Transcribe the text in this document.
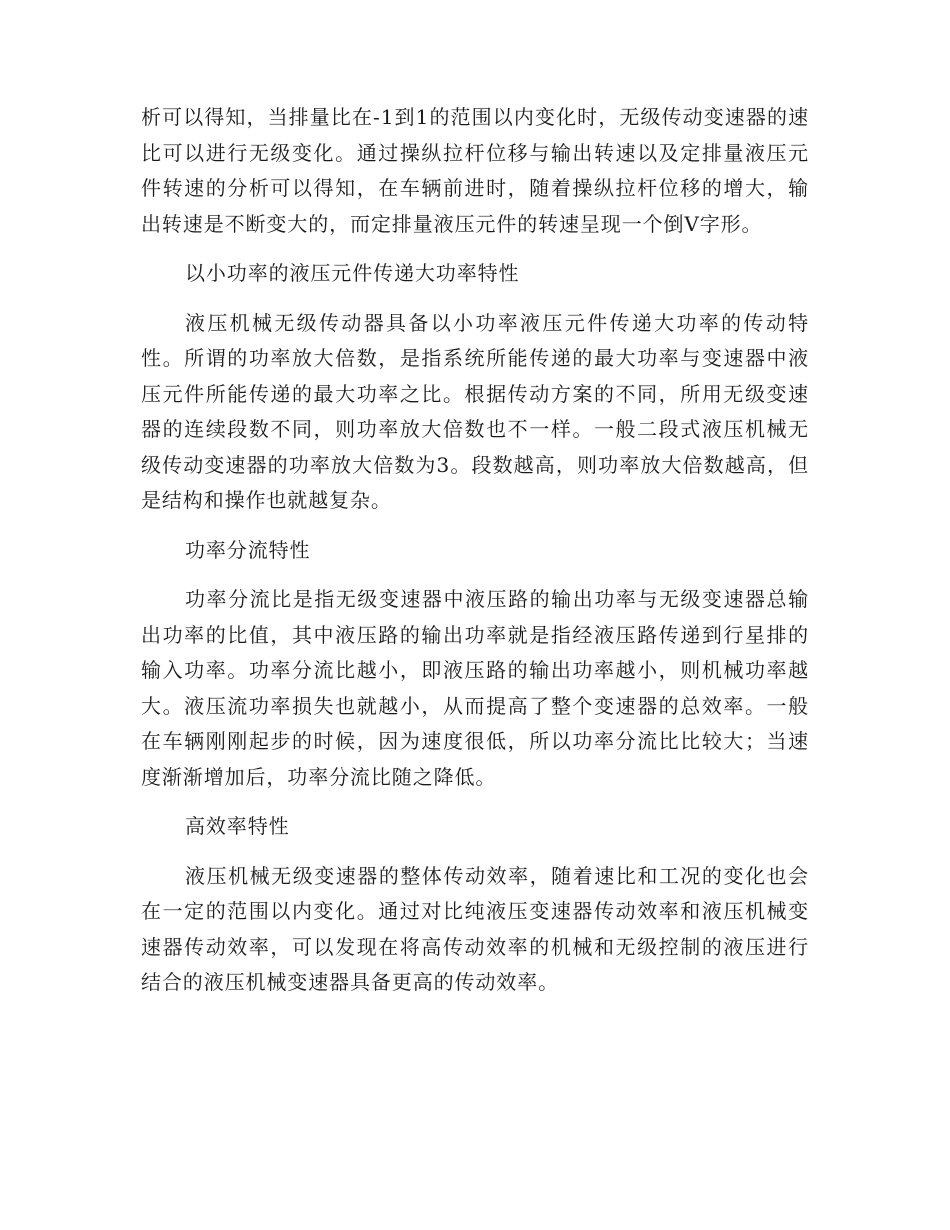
析可以得知，当排量比在-1到1的范围以内变化时，无级传动变速器的速比可以进行无级变化。通过操纵拉杆位移与输出转速以及定排量液压元件转速的分析可以得知，在车辆前进时，随着操纵拉杆位移的增大，输出转速是不断变大的，而定排量液压元件的转速呈现一个倒V字形。

以小功率的液压元件传递大功率特性

液压机械无级传动器具备以小功率液压元件传递大功率的传动特性。所谓的功率放大倍数，是指系统所能传递的最大功率与变速器中液压元件所能传递的最大功率之比。根据传动方案的不同，所用无级变速器的连续段数不同，则功率放大倍数也不一样。一般二段式液压机械无级传动变速器的功率放大倍数为3。段数越高，则功率放大倍数越高，但是结构和操作也就越复杂。

功率分流特性

功率分流比是指无级变速器中液压路的输出功率与无级变速器总输出功率的比值，其中液压路的输出功率就是指经液压路传递到行星排的输入功率。功率分流比越小，即液压路的输出功率越小，则机械功率越大。液压流功率损失也就越小，从而提高了整个变速器的总效率。一般在车辆刚刚起步的时候，因为速度很低，所以功率分流比比较大；当速度渐渐增加后，功率分流比随之降低。

高效率特性

液压机械无级变速器的整体传动效率，随着速比和工况的变化也会在一定的范围以内变化。通过对比纯液压变速器传动效率和液压机械变速器传动效率，可以发现在将高传动效率的机械和无级控制的液压进行结合的液压机械变速器具备更高的传动效率。
